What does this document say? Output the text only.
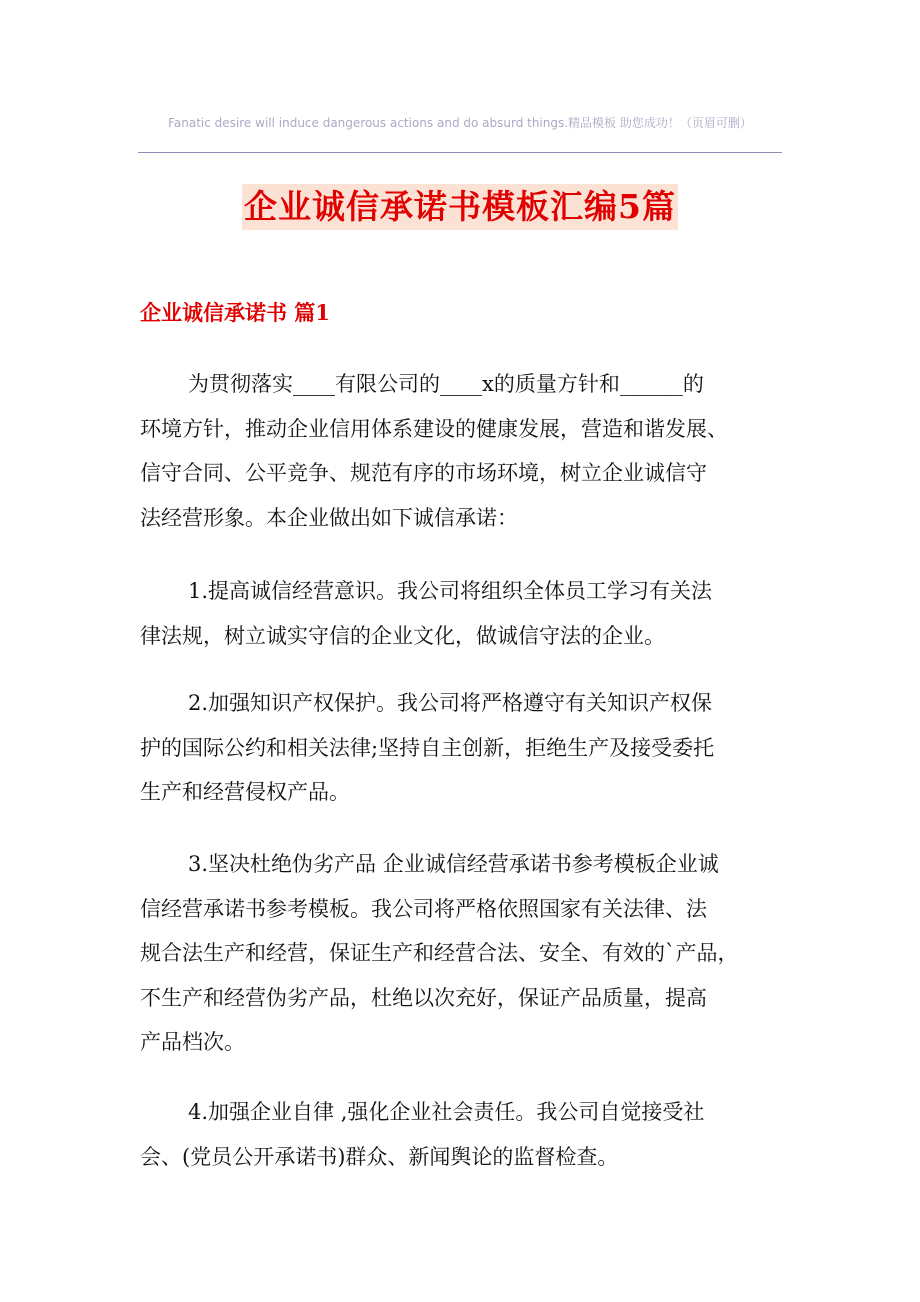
Fanatic desire will induce dangerous actions and do absurd things.精品模板 助您成功！（页眉可删）
企业诚信承诺书模板汇编5篇
企业诚信承诺书 篇1
为贯彻落实____有限公司的____x的质量方针和______的
环境方针，推动企业信用体系建设的健康发展，营造和谐发展、
信守合同、公平竞争、规范有序的市场环境，树立企业诚信守
法经营形象。本企业做出如下诚信承诺：
1.提高诚信经营意识。我公司将组织全体员工学习有关法
律法规，树立诚实守信的企业文化，做诚信守法的企业。
2.加强知识产权保护。我公司将严格遵守有关知识产权保
护的国际公约和相关法律;坚持自主创新，拒绝生产及接受委托
生产和经营侵权产品。
3.坚决杜绝伪劣产品 企业诚信经营承诺书参考模板企业诚
信经营承诺书参考模板。我公司将严格依照国家有关法律、法
规合法生产和经营，保证生产和经营合法、安全、有效的`产品，
不生产和经营伪劣产品，杜绝以次充好，保证产品质量，提高
产品档次。
4.加强企业自律 ,强化企业社会责任。我公司自觉接受社
会、(党员公开承诺书)群众、新闻舆论的监督检查。
